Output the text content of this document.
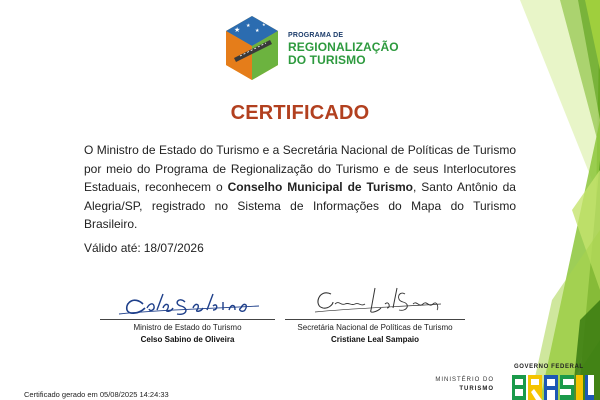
★
★
★
★
PROGRAMA DE
REGIONALIZAÇÃO
DO TURISMO
CERTIFICADO

O Ministro de Estado do Turismo e a Secretária Nacional de Políticas de Turismo por meio do Programa de Regionalização do Turismo e de seus Interlocutores Estaduais, reconhecem o Conselho Municipal de Turismo, Santo Antônio da Alegria/SP, registrado no Sistema de Informações do Mapa do Turismo Brasileiro.

Válido até: 18/07/2026
Ministro de Estado do Turismo
Celso Sabino de Oliveira
Secretária Nacional de Políticas de Turismo
Cristiane Leal Sampaio
Certificado gerado em 05/08/2025 14:24:33
MINISTÉRIO DO
TURISMO
GOVERNO FEDERAL
